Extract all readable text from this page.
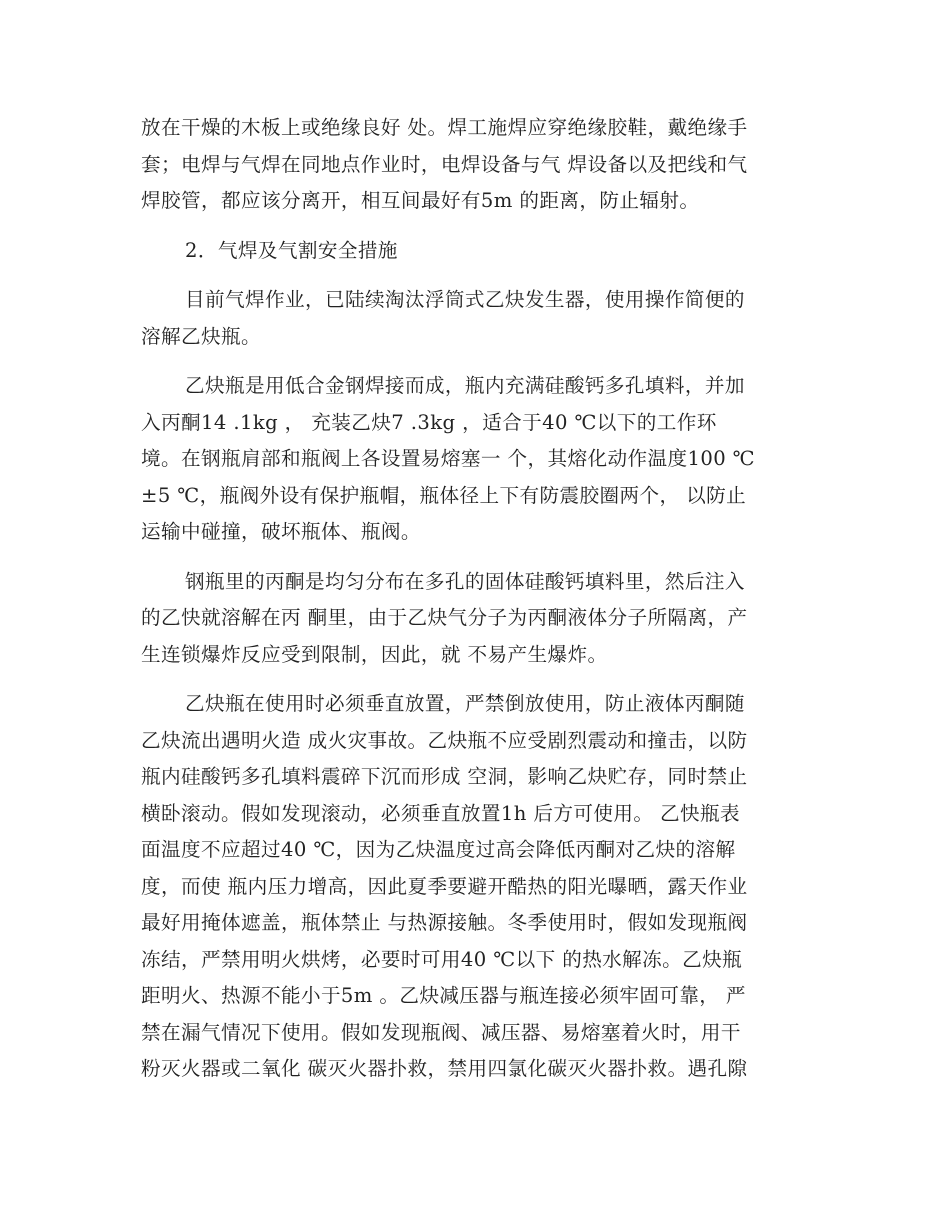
放在干燥的木板上或绝缘良好 处。焊工施焊应穿绝缘胶鞋，戴绝缘手
套；电焊与气焊在同地点作业时，电焊设备与气 焊设备以及把线和气
焊胶管，都应该分离开，相互间最好有5m 的距离，防止辐射。
2．气焊及气割安全措施
目前气焊作业，已陆续淘汰浮筒式乙炔发生器，使用操作简便的
溶解乙炔瓶。
乙炔瓶是用低合金钢焊接而成，瓶内充满硅酸钙多孔填料，并加
入丙酮14 .1kg ， 充装乙炔7 .3kg ，适合于40 ℃以下的工作环
境。在钢瓶肩部和瓶阀上各设置易熔塞一 个，其熔化动作温度100 ℃
±5 ℃，瓶阀外设有保护瓶帽，瓶体径上下有防震胶圈两个， 以防止
运输中碰撞，破坏瓶体、瓶阀。
钢瓶里的丙酮是均匀分布在多孔的固体硅酸钙填料里，然后注入
的乙快就溶解在丙 酮里，由于乙炔气分子为丙酮液体分子所隔离，产
生连锁爆炸反应受到限制，因此，就 不易产生爆炸。
乙炔瓶在使用时必须垂直放置，严禁倒放使用，防止液体丙酮随
乙炔流出遇明火造 成火灾事故。乙炔瓶不应受剧烈震动和撞击，以防
瓶内硅酸钙多孔填料震碎下沉而形成 空洞，影响乙炔贮存，同时禁止
横卧滚动。假如发现滚动，必须垂直放置1h 后方可使用。 乙快瓶表
面温度不应超过40 ℃，因为乙炔温度过高会降低丙酮对乙炔的溶解
度，而使 瓶内压力增高，因此夏季要避开酷热的阳光曝晒，露天作业
最好用掩体遮盖，瓶体禁止 与热源接触。冬季使用时，假如发现瓶阀
冻结，严禁用明火烘烤，必要时可用40 ℃以下 的热水解冻。乙炔瓶
距明火、热源不能小于5m 。乙炔减压器与瓶连接必须牢固可靠， 严
禁在漏气情况下使用。假如发现瓶阀、减压器、易熔塞着火时，用干
粉灭火器或二氧化 碳灭火器扑救，禁用四氯化碳灭火器扑救。遇孔隙
